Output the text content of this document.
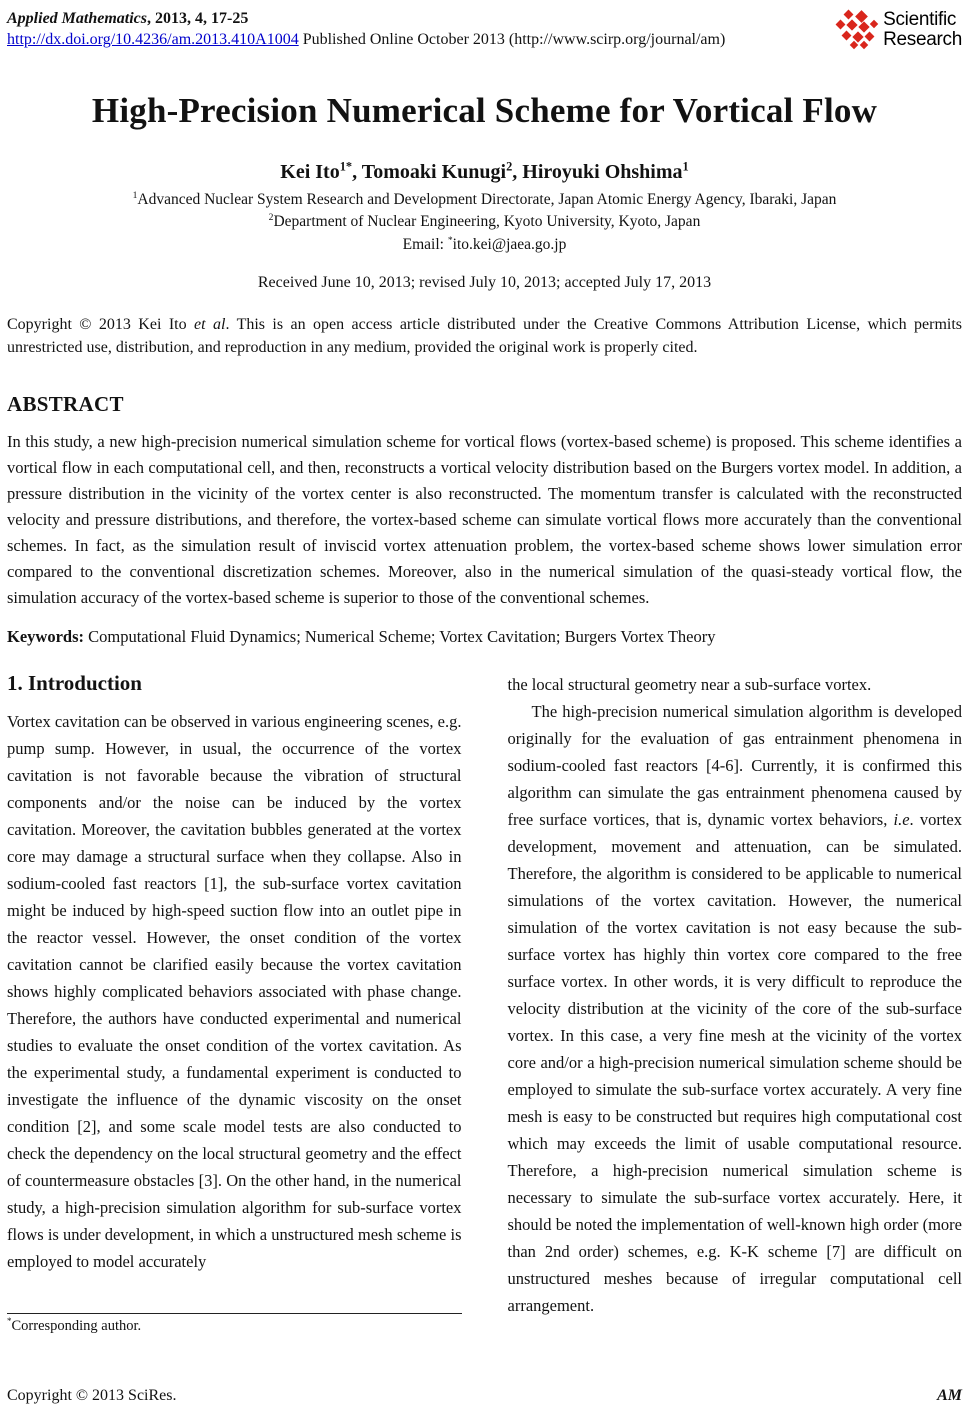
Applied Mathematics, 2013, 4, 17-25
http://dx.doi.org/10.4236/am.2013.410A1004 Published Online October 2013 (http://www.scirp.org/journal/am)
Scientific
Research
High-Precision Numerical Scheme for Vortical Flow
Kei Ito$^{1*}$, Tomoaki Kunugi$^2$, Hiroyuki Ohshima$^1$
$^1$Advanced Nuclear System Research and Development Directorate, Japan Atomic Energy Agency, Ibaraki, Japan
$^2$Department of Nuclear Engineering, Kyoto University, Kyoto, Japan
Email: *ito.kei@jaea.go.jp
Received June 10, 2013; revised July 10, 2013; accepted July 17, 2013

Copyright © 2013 Kei Ito et al. This is an open access article distributed under the Creative Commons Attribution License, which permits unrestricted use, distribution, and reproduction in any medium, provided the original work is properly cited.

ABSTRACT

In this study, a new high-precision numerical simulation scheme for vortical flows (vortex-based scheme) is proposed. This scheme identifies a vortical flow in each computational cell, and then, reconstructs a vortical velocity distribution based on the Burgers vortex model. In addition, a pressure distribution in the vicinity of the vortex center is also reconstructed. The momentum transfer is calculated with the reconstructed velocity and pressure distributions, and therefore, the vortex-based scheme can simulate vortical flows more accurately than the conventional schemes. In fact, as the simulation result of inviscid vortex attenuation problem, the vortex-based scheme shows lower simulation error compared to the conventional discretization schemes. Moreover, also in the numerical simulation of the quasi-steady vortical flow, the simulation accuracy of the vortex-based scheme is superior to those of the conventional schemes.

Keywords: Computational Fluid Dynamics; Numerical Scheme; Vortex Cavitation; Burgers Vortex Theory

1. Introduction

Vortex cavitation can be observed in various engineering scenes, e.g. pump sump. However, in usual, the occurrence of the vortex cavitation is not favorable because the vibration of structural components and/or the noise can be induced by the vortex cavitation. Moreover, the cavitation bubbles generated at the vortex core may damage a structural surface when they collapse. Also in sodium-cooled fast reactors [1], the sub-surface vortex cavitation might be induced by high-speed suction flow into an outlet pipe in the reactor vessel. However, the onset condition of the vortex cavitation cannot be clarified easily because the vortex cavitation shows highly complicated behaviors associated with phase change. Therefore, the authors have conducted experimental and numerical studies to evaluate the onset condition of the vortex cavitation. As the experimental study, a fundamental experiment is conducted to investigate the influence of the dynamic viscosity on the onset condition [2], and some scale model tests are also conducted to check the dependency on the local structural geometry and the effect of countermeasure obstacles [3]. On the other hand, in the numerical study, a high-precision simulation algorithm for sub-surface vortex flows is under development, in which a unstructured mesh scheme is employed to model accurately

*Corresponding author.

the local structural geometry near a sub-surface vortex.

The high-precision numerical simulation algorithm is developed originally for the evaluation of gas entrainment phenomena in sodium-cooled fast reactors [4-6]. Currently, it is confirmed this algorithm can simulate the gas entrainment phenomena caused by free surface vortices, that is, dynamic vortex behaviors, i.e. vortex development, movement and attenuation, can be simulated. Therefore, the algorithm is considered to be applicable to numerical simulations of the vortex cavitation. However, the numerical simulation of the vortex cavitation is not easy because the sub-surface vortex has highly thin vortex core compared to the free surface vortex. In other words, it is very difficult to reproduce the velocity distribution at the vicinity of the core of the sub-surface vortex. In this case, a very fine mesh at the vicinity of the vortex core and/or a high-precision numerical simulation scheme should be employed to simulate the sub-surface vortex accurately. A very fine mesh is easy to be constructed but requires high computational cost which may exceeds the limit of usable computational resource. Therefore, a high-precision numerical simulation scheme is necessary to simulate the sub-surface vortex accurately. Here, it should be noted the implementation of well-known high order (more than 2nd order) schemes, e.g. K-K scheme [7] are difficult on unstructured meshes because of irregular computational cell arrangement.

Copyright © 2013 SciRes.	AM
